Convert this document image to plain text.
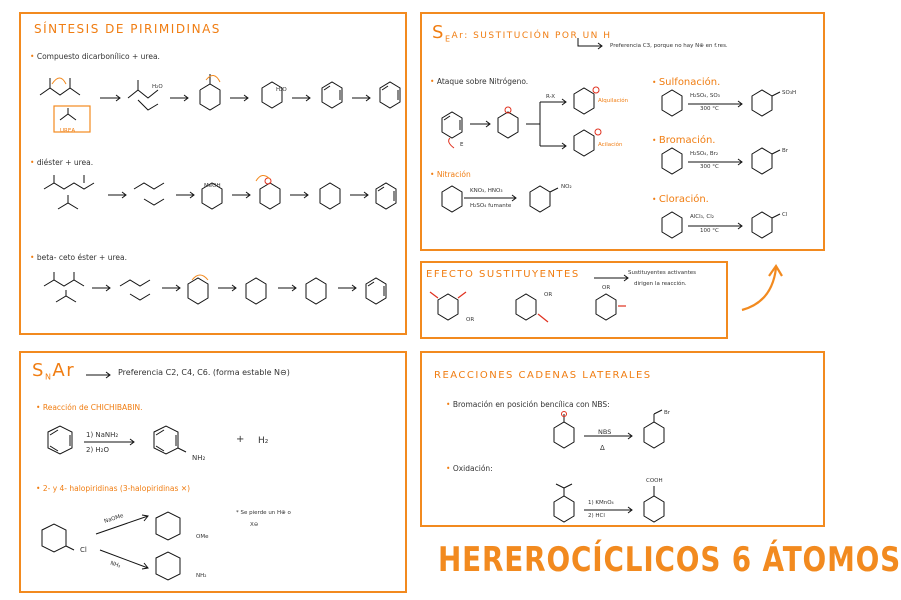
SÍNTESIS DE PIRIMIDINAS
• Compuesto dicarbonílico + urea.
• diéster + urea.
• beta- ceto éster + urea.
UREA
H₂O	H₂O
MeOH
$S_EAr$: SUSTITUCIÓN POR UN H
Preferencia C3, porque no hay N⊕ en f.res.
• Ataque sobre Nitrógeno.
E
R-X
Alquilación
Acilación
• Nitración
KNO₃, HNO₃
H₂SO₄ fumante
NO₂
• Sulfonación.
H₂SO₄, SO₃
300 °C
SO₃H
• Bromación.
H₂SO₄, Br₂
300 °C
Br
• Cloración.
AlCl₃, Cl₂
100 °C
Cl
EFECTO SUSTITUYENTES	Sustituyentes activantes
dirigen la reacción.
OR
OR
OR
$S_NAr$	Preferencia C2, C4, C6. (forma estable N⊖)
• Reacción de CHICHIBABIN.
1) NaNH₂
2) H₂O
NH₂
+ H₂
• 2- y 4- halopiridinas (3-halopiridinas ✕)
Cl
NaOMe
NH₃
OMe
NH₂
* Se pierde un H⊕ o
X⊖
REACCIONES CADENAS LATERALES
• Bromación en posición bencílica con NBS:
NBS
Δ
Br
• Oxidación:
1) KMnO₄
2) HCl
COOH
HEREROCÍCLICOS 6 ÁTOMOS
